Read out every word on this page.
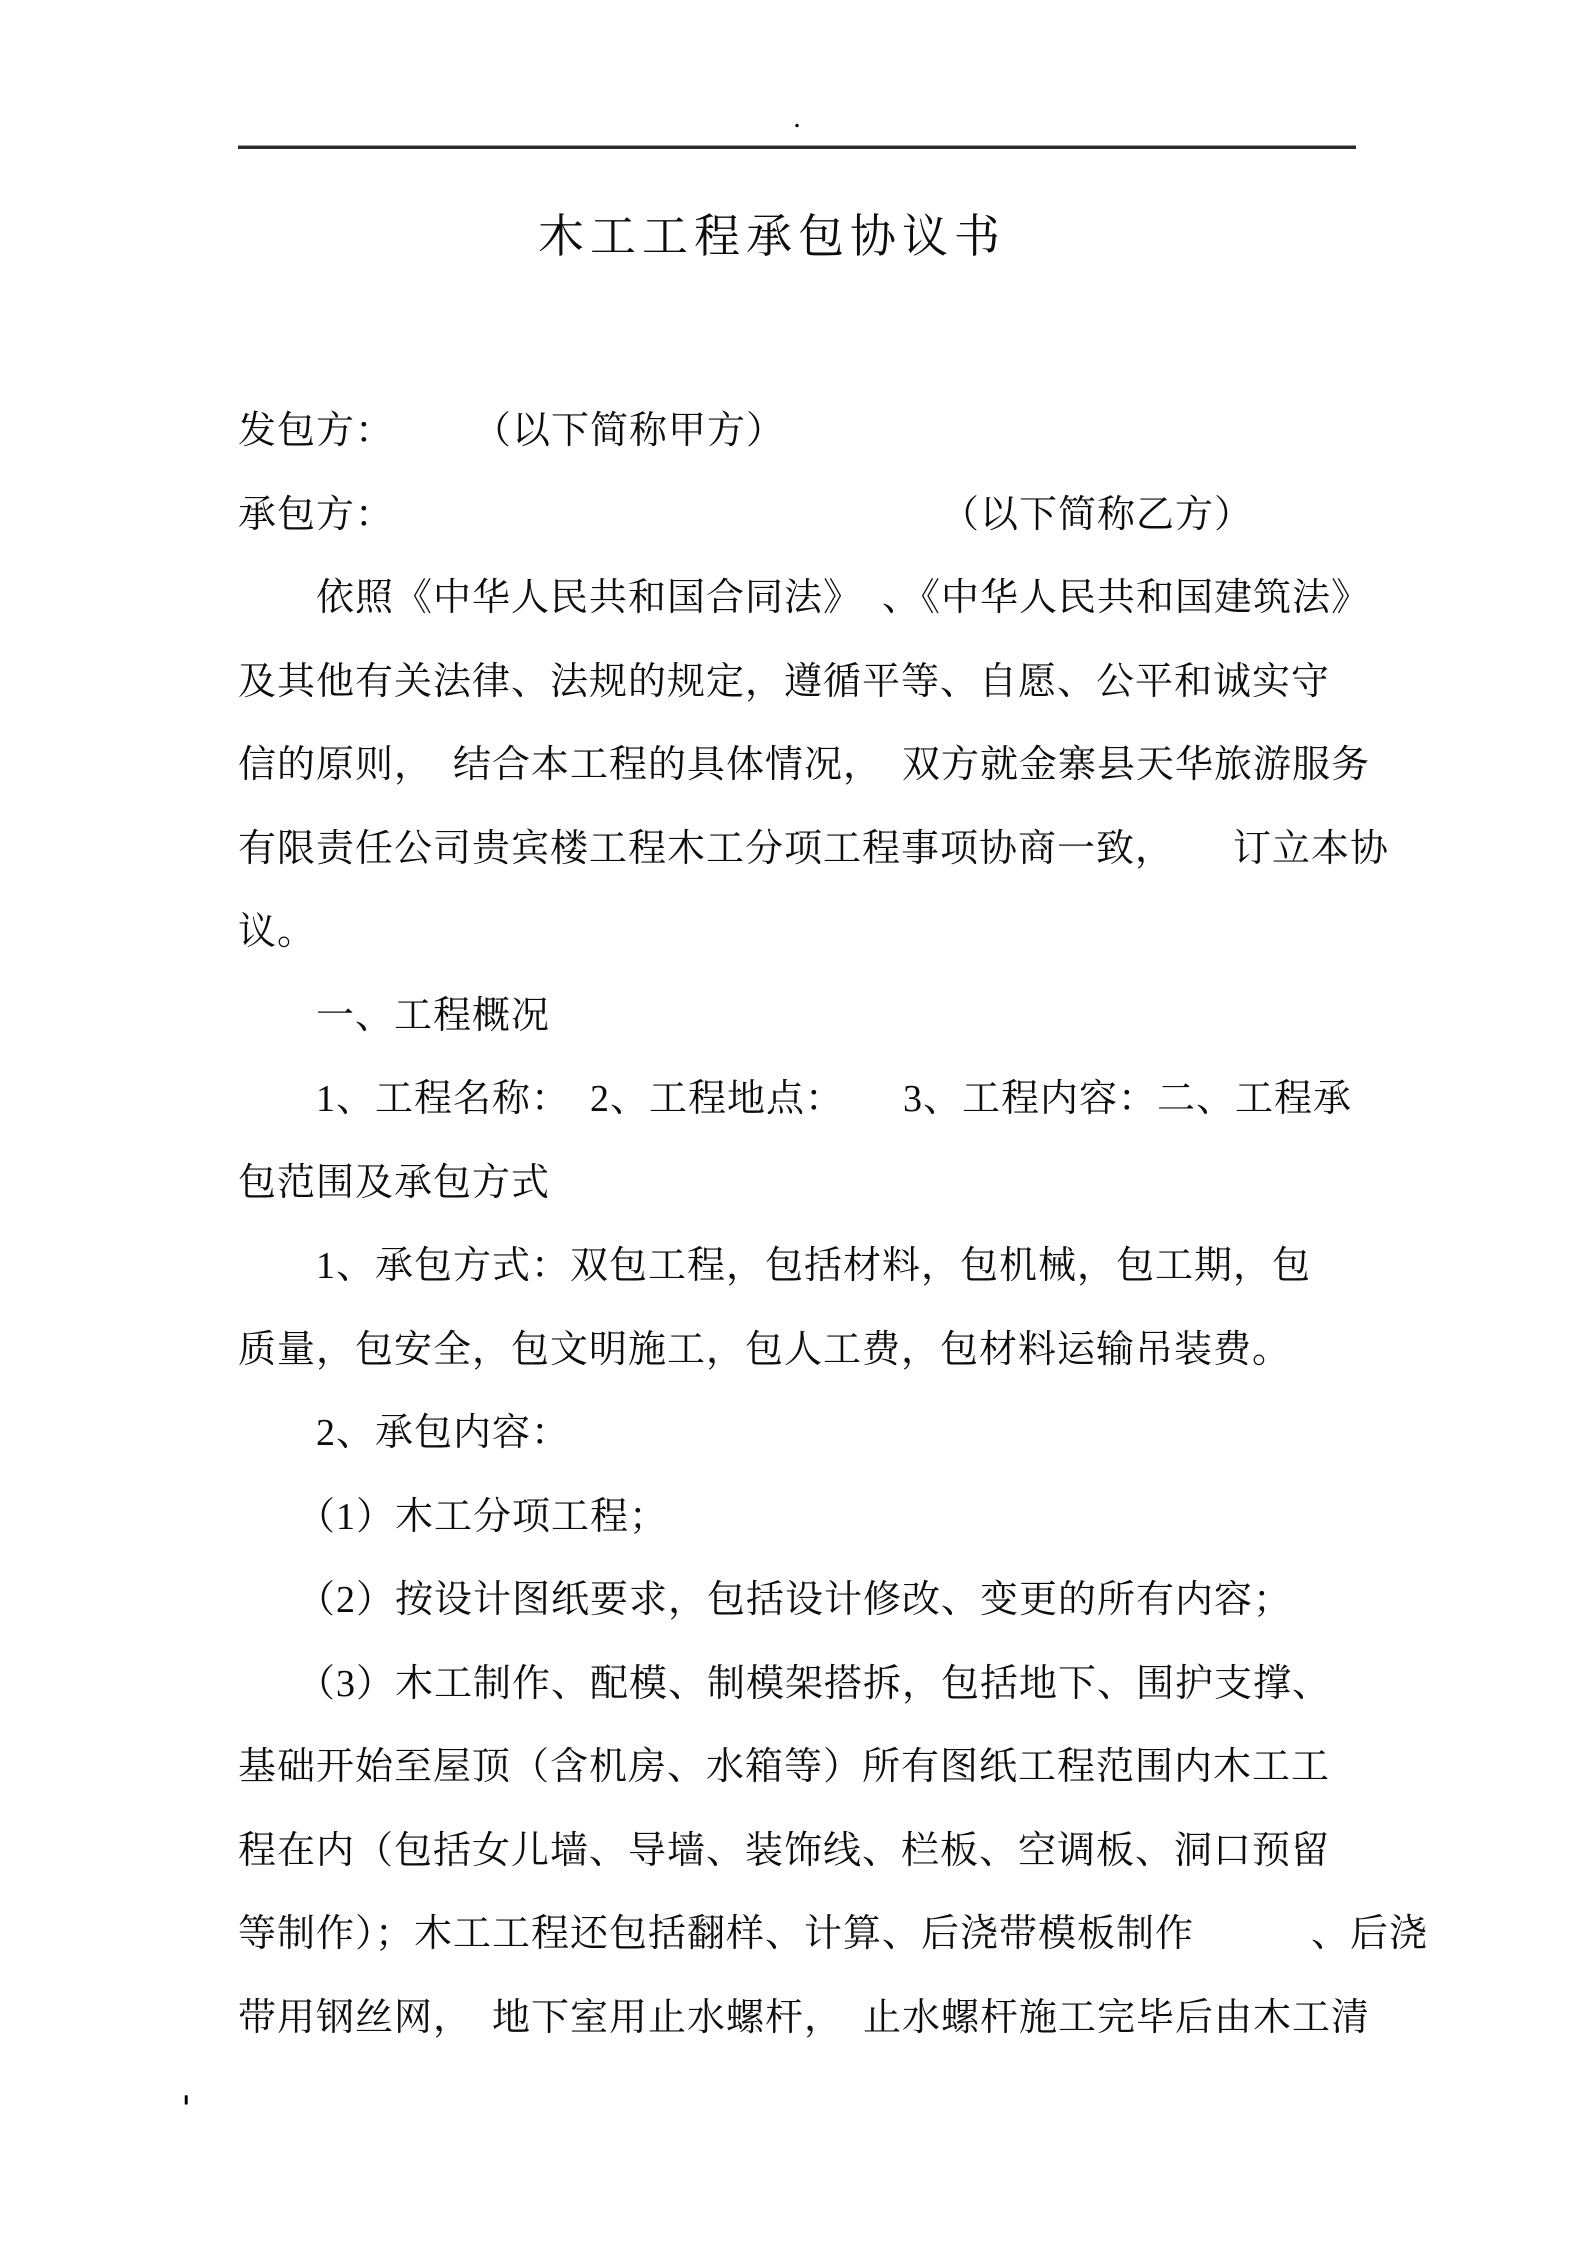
.
木工工程承包协议书
发包方：　　　（以下简称甲方）
承包方：　　　　　　　　　　　　　　　（以下简称乙方）
　　依照《中华人民共和国合同法》　、《中华人民共和国建筑法》
及其他有关法律、法规的规定，遵循平等、自愿、公平和诚实守
信的原则，　结合本工程的具体情况，　双方就金寨县天华旅游服务
有限责任公司贵宾楼工程木工分项工程事项协商一致，　　订立本协
议。
　　一、工程概况
　　1、工程名称：　2、工程地点：　　3、工程内容：二、工程承
包范围及承包方式
　　1、承包方式：双包工程，包括材料，包机械，包工期，包
质量，包安全，包文明施工，包人工费，包材料运输吊装费。
　　2、承包内容：
　　（1）木工分项工程；
　　（2）按设计图纸要求，包括设计修改、变更的所有内容；
　　（3）木工制作、配模、制模架搭拆，包括地下、围护支撑、
基础开始至屋顶（含机房、水箱等）所有图纸工程范围内木工工
程在内（包括女儿墙、导墙、装饰线、栏板、空调板、洞口预留
等制作）；木工工程还包括翻样、计算、后浇带模板制作　　　、后浇
带用钢丝网，　地下室用止水螺杆，　止水螺杆施工完毕后由木工清
'
